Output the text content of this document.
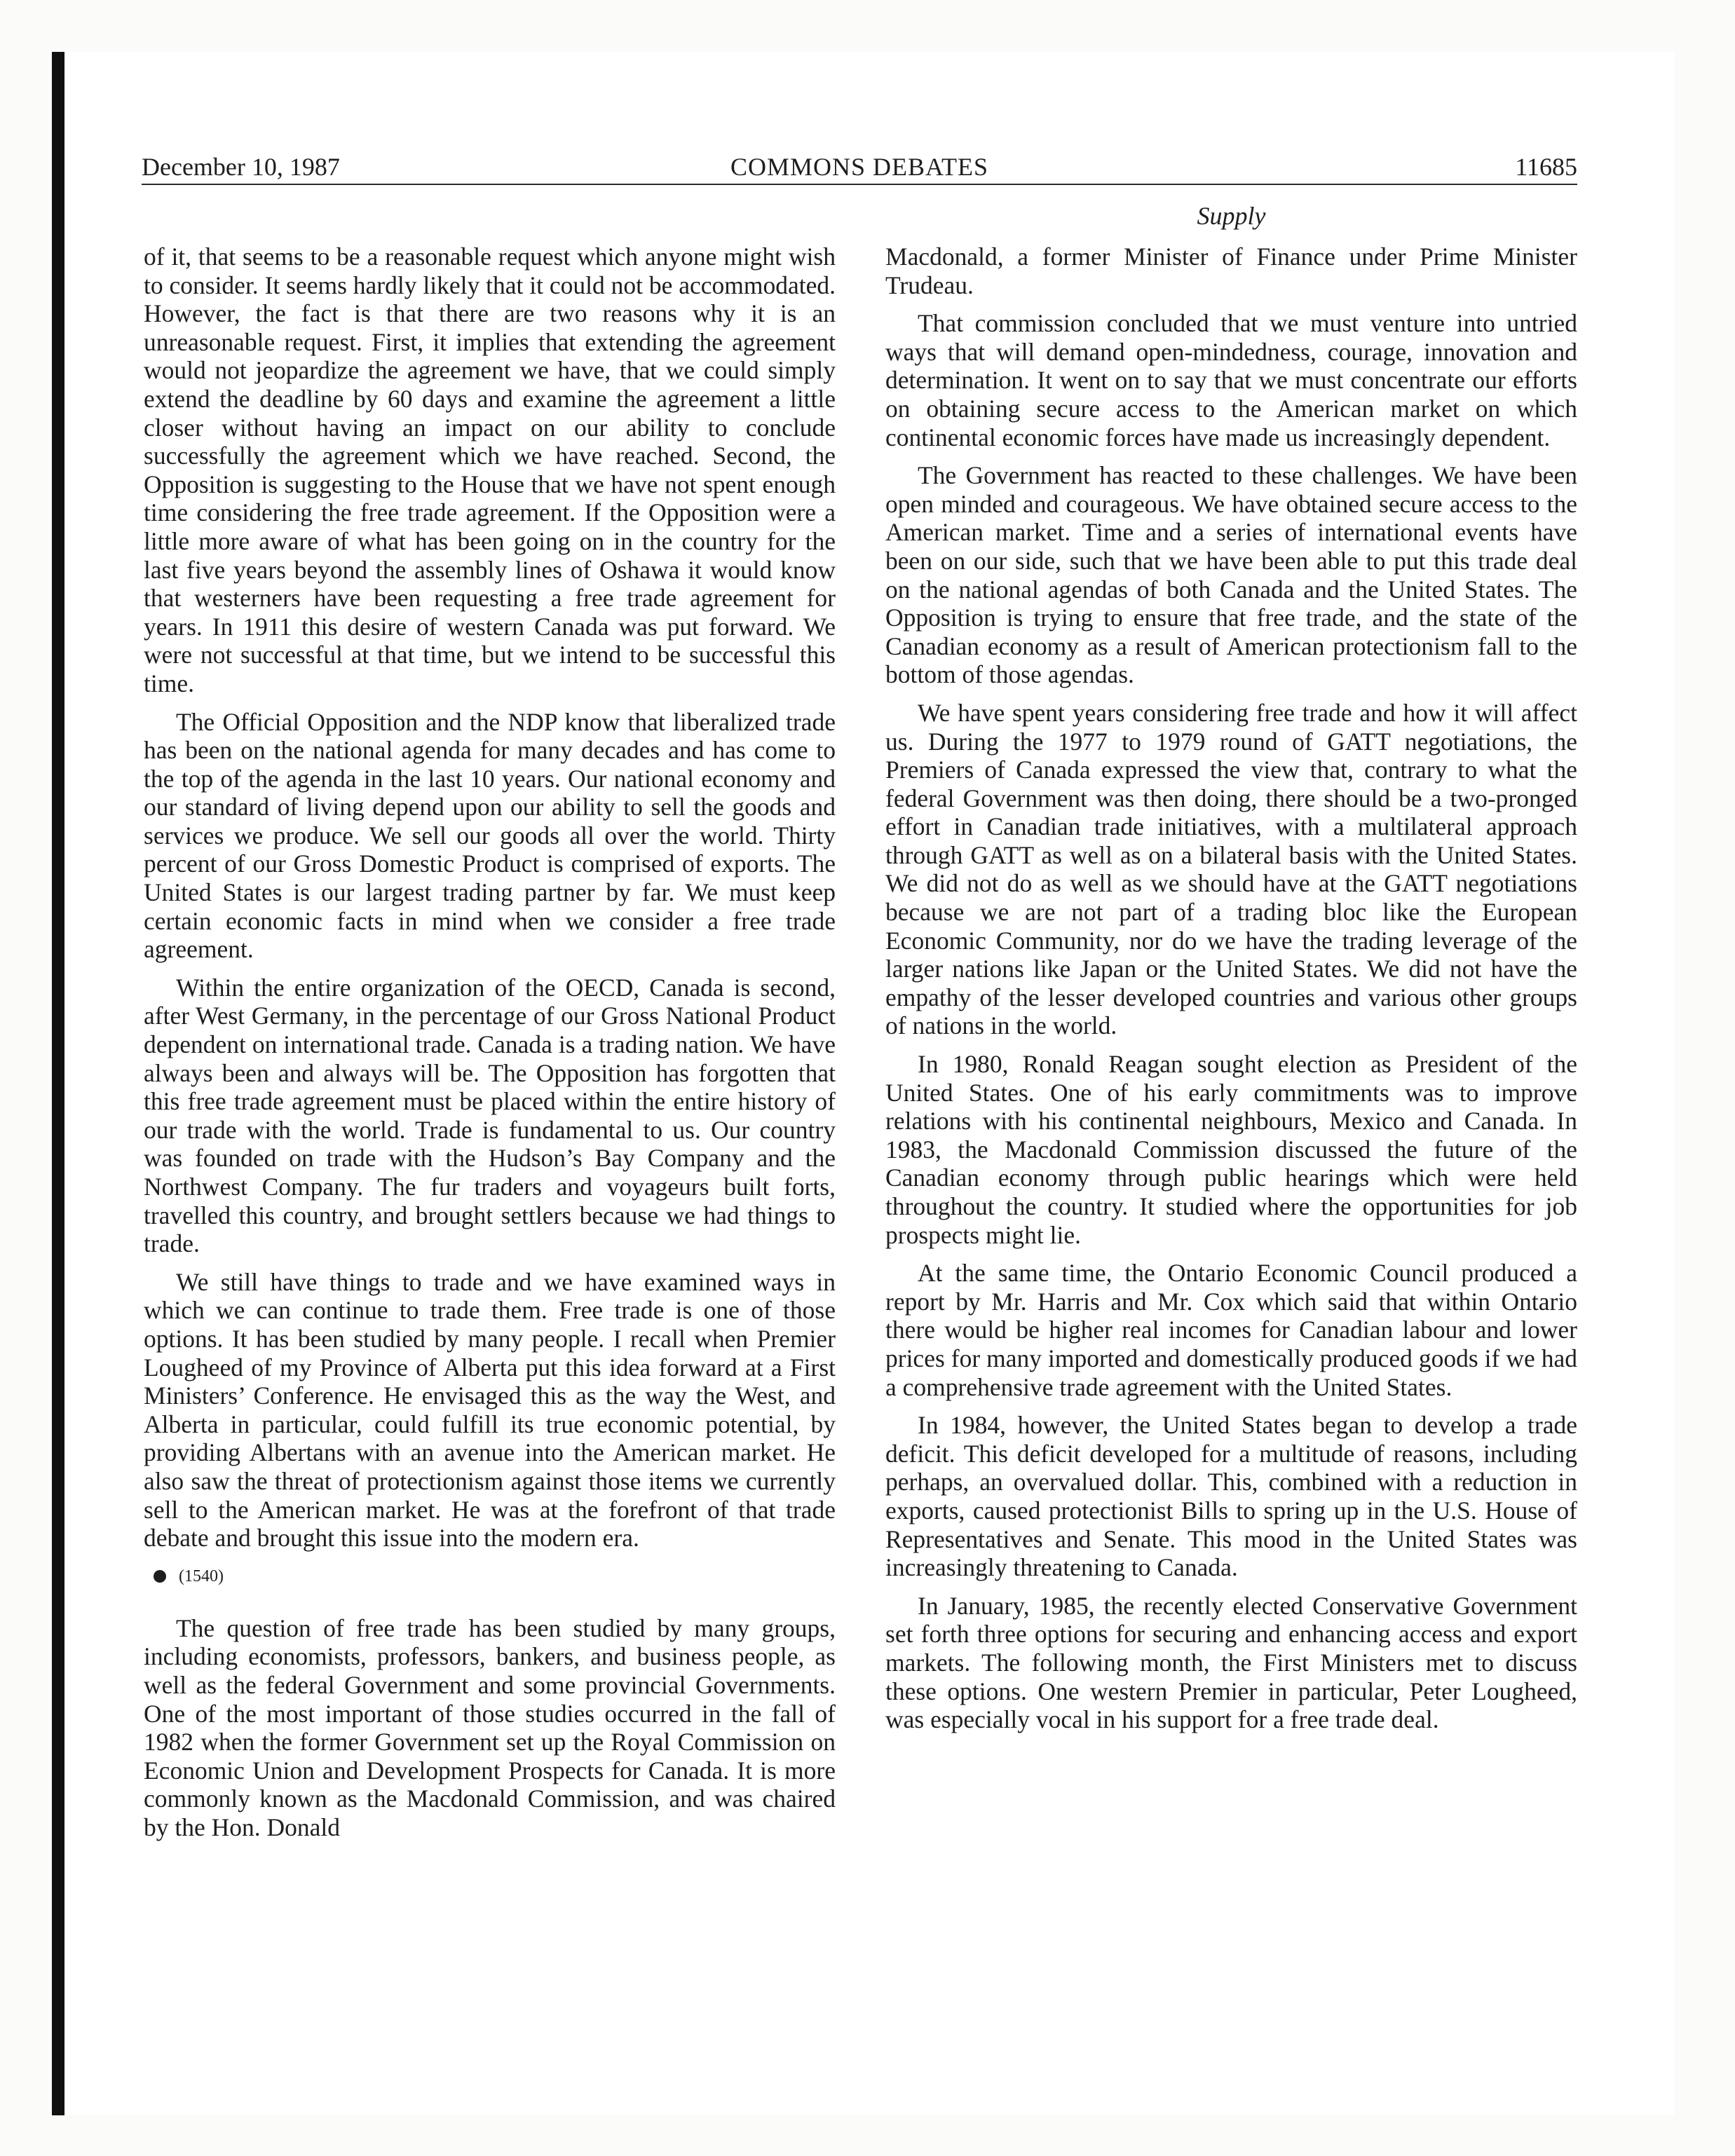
December 10, 1987	COMMONS DEBATES	11685
Supply

of it, that seems to be a reasonable request which anyone might wish to consider. It seems hardly likely that it could not be accommodated. However, the fact is that there are two reasons why it is an unreasonable request. First, it implies that extending the agreement would not jeopardize the agreement we have, that we could simply extend the deadline by 60 days and examine the agreement a little closer without having an impact on our ability to conclude successfully the agreement which we have reached. Second, the Opposition is suggesting to the House that we have not spent enough time considering the free trade agreement. If the Opposition were a little more aware of what has been going on in the country for the last five years beyond the assembly lines of Oshawa it would know that westerners have been requesting a free trade agreement for years. In 1911 this desire of western Canada was put forward. We were not successful at that time, but we intend to be successful this time.

The Official Opposition and the NDP know that liberalized trade has been on the national agenda for many decades and has come to the top of the agenda in the last 10 years. Our national economy and our standard of living depend upon our ability to sell the goods and services we produce. We sell our goods all over the world. Thirty percent of our Gross Domestic Product is comprised of exports. The United States is our largest trading partner by far. We must keep certain economic facts in mind when we consider a free trade agreement.

Within the entire organization of the OECD, Canada is second, after West Germany, in the percentage of our Gross National Product dependent on international trade. Canada is a trading nation. We have always been and always will be. The Opposition has forgotten that this free trade agreement must be placed within the entire history of our trade with the world. Trade is fundamental to us. Our country was founded on trade with the Hudson’s Bay Company and the Northwest Company. The fur traders and voyageurs built forts, travelled this country, and brought settlers because we had things to trade.

We still have things to trade and we have examined ways in which we can continue to trade them. Free trade is one of those options. It has been studied by many people. I recall when Premier Lougheed of my Province of Alberta put this idea forward at a First Ministers’ Conference. He envisaged this as the way the West, and Alberta in particular, could fulfill its true economic potential, by providing Albertans with an avenue into the American market. He also saw the threat of protectionism against those items we currently sell to the American market. He was at the forefront of that trade debate and brought this issue into the modern era.

(1540)

The question of free trade has been studied by many groups, including economists, professors, bankers, and business people, as well as the federal Government and some provincial Governments. One of the most important of those studies occurred in the fall of 1982 when the former Government set up the Royal Commission on Economic Union and Development Prospects for Canada. It is more commonly known as the Macdonald Commission, and was chaired by the Hon. Donald

Macdonald, a former Minister of Finance under Prime Minister Trudeau.

That commission concluded that we must venture into untried ways that will demand open-mindedness, courage, innovation and determination. It went on to say that we must concentrate our efforts on obtaining secure access to the American market on which continental economic forces have made us increasingly dependent.

The Government has reacted to these challenges. We have been open minded and courageous. We have obtained secure access to the American market. Time and a series of international events have been on our side, such that we have been able to put this trade deal on the national agendas of both Canada and the United States. The Opposition is trying to ensure that free trade, and the state of the Canadian economy as a result of American protectionism fall to the bottom of those agendas.

We have spent years considering free trade and how it will affect us. During the 1977 to 1979 round of GATT negotiations, the Premiers of Canada expressed the view that, contrary to what the federal Government was then doing, there should be a two-pronged effort in Canadian trade initiatives, with a multilateral approach through GATT as well as on a bilateral basis with the United States. We did not do as well as we should have at the GATT negotiations because we are not part of a trading bloc like the European Economic Community, nor do we have the trading leverage of the larger nations like Japan or the United States. We did not have the empathy of the lesser developed countries and various other groups of nations in the world.

In 1980, Ronald Reagan sought election as President of the United States. One of his early commitments was to improve relations with his continental neighbours, Mexico and Canada. In 1983, the Macdonald Commission discussed the future of the Canadian economy through public hearings which were held throughout the country. It studied where the opportunities for job prospects might lie.

At the same time, the Ontario Economic Council produced a report by Mr. Harris and Mr. Cox which said that within Ontario there would be higher real incomes for Canadian labour and lower prices for many imported and domestically produced goods if we had a comprehensive trade agreement with the United States.

In 1984, however, the United States began to develop a trade deficit. This deficit developed for a multitude of reasons, including perhaps, an overvalued dollar. This, combined with a reduction in exports, caused protectionist Bills to spring up in the U.S. House of Representatives and Senate. This mood in the United States was increasingly threatening to Canada.

In January, 1985, the recently elected Conservative Government set forth three options for securing and enhancing access and export markets. The following month, the First Ministers met to discuss these options. One western Premier in particular, Peter Lougheed, was especially vocal in his support for a free trade deal.
